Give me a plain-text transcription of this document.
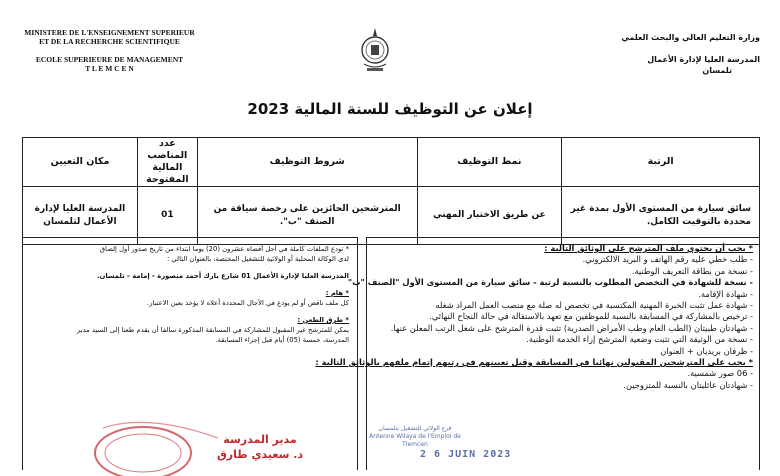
MINISTERE DE L'ENSEIGNEMENT SUPERIEUR
ET DE LA RECHERCHE SCIENTIFIQUE
ECOLE SUPERIEURE DE MANAGEMENT
T L E M C E N
وزارة التعليم العالي والبحث العلمي
المدرسة العليا لإدارة الأعمال
تلمسان
إعلان عن التوظيف للسنة المالية 2023
الرتبة	نمط التوظيف	شروط التوظيف	عدد المناصب المالية المفتوحة	مكان التعيين
سائق سيارة من المستوى الأول بمدة غير محددة بالتوقيت الكامل.	عن طريق الاختبار المهني	المترشحين الحائزين على رخصة سياقة من الصنف "ب".	01	المدرسة العليا لإدارة الأعمال لتلمسان
* يجب أن يحتوي ملف المترشح على الوثائق التالية :
- طلب خطي عليه رقم الهاتف و البريد الالكتروني.
- نسخة من بطاقة التعريف الوطنية.
- نسخة للشهادة في التخصص المطلوب بالنسبة لرتبة - سائق سيارة من المستوى الأول "الصنف "ب"
- شهادة الإقامة.
- شهادة عمل تثبت الخبرة المهنية المكتسبة في تخصص له صلة مع منصب العمل المراد شغله
- ترخيص بالمشاركة في المسابقة بالنسبة للموظفين مع تعهد بالاستقالة في حالة النجاح النهائي.
- شهادتان طبيتان (الطب العام وطب الأمراض الصدرية) تثبت قدرة المترشح على شغل الرتب المعلن عنها.
- نسخة من الوثيقة التي تثبت وضعية المترشح إزاء الخدمة الوطنية.
- ظرفان بريديان + العنوان
* يجب على المترشحين المقبولين نهائيا في المسابقة وقبل تعيينهم في رتبهم إتمام ملفهم بالوثائق التالية :
- 06 صور شمسية.
- شهادتان عائليتان بالنسبة للمتزوجين.
* تودع الملفات كاملة في أجل أقصاه عشرون (20) يوما ابتداء من تاريخ صدور أول إلصاق
لدى الوكالة المحلية أو الولائية للتشغيل المختصة، بالعنوان التالي :
المدرسة العليا لإدارة الأعمال 01 شارع بارك أحمد منصورة - إمامة - تلمسان.
* هام :
كل ملف ناقص أو لم يودع في الآجال المحددة أعلاه لا يؤخذ بعين الاعتبار.
* طرق الطعن :
يمكن للمترشح غير المقبول للمشاركة في المسابقة المذكورة سالفا أن يقدم طعنا إلى السيد مدير
المدرسة، خمسة (05) أيام قبل إجراء المسابقة.
مدير المدرسة
د. سعيدي طارق
فرع الولائي للتشغيل بتلمسان
Antenne Wilaya de l'Emploi de Tlemcen
2 6 JUIN 2023
